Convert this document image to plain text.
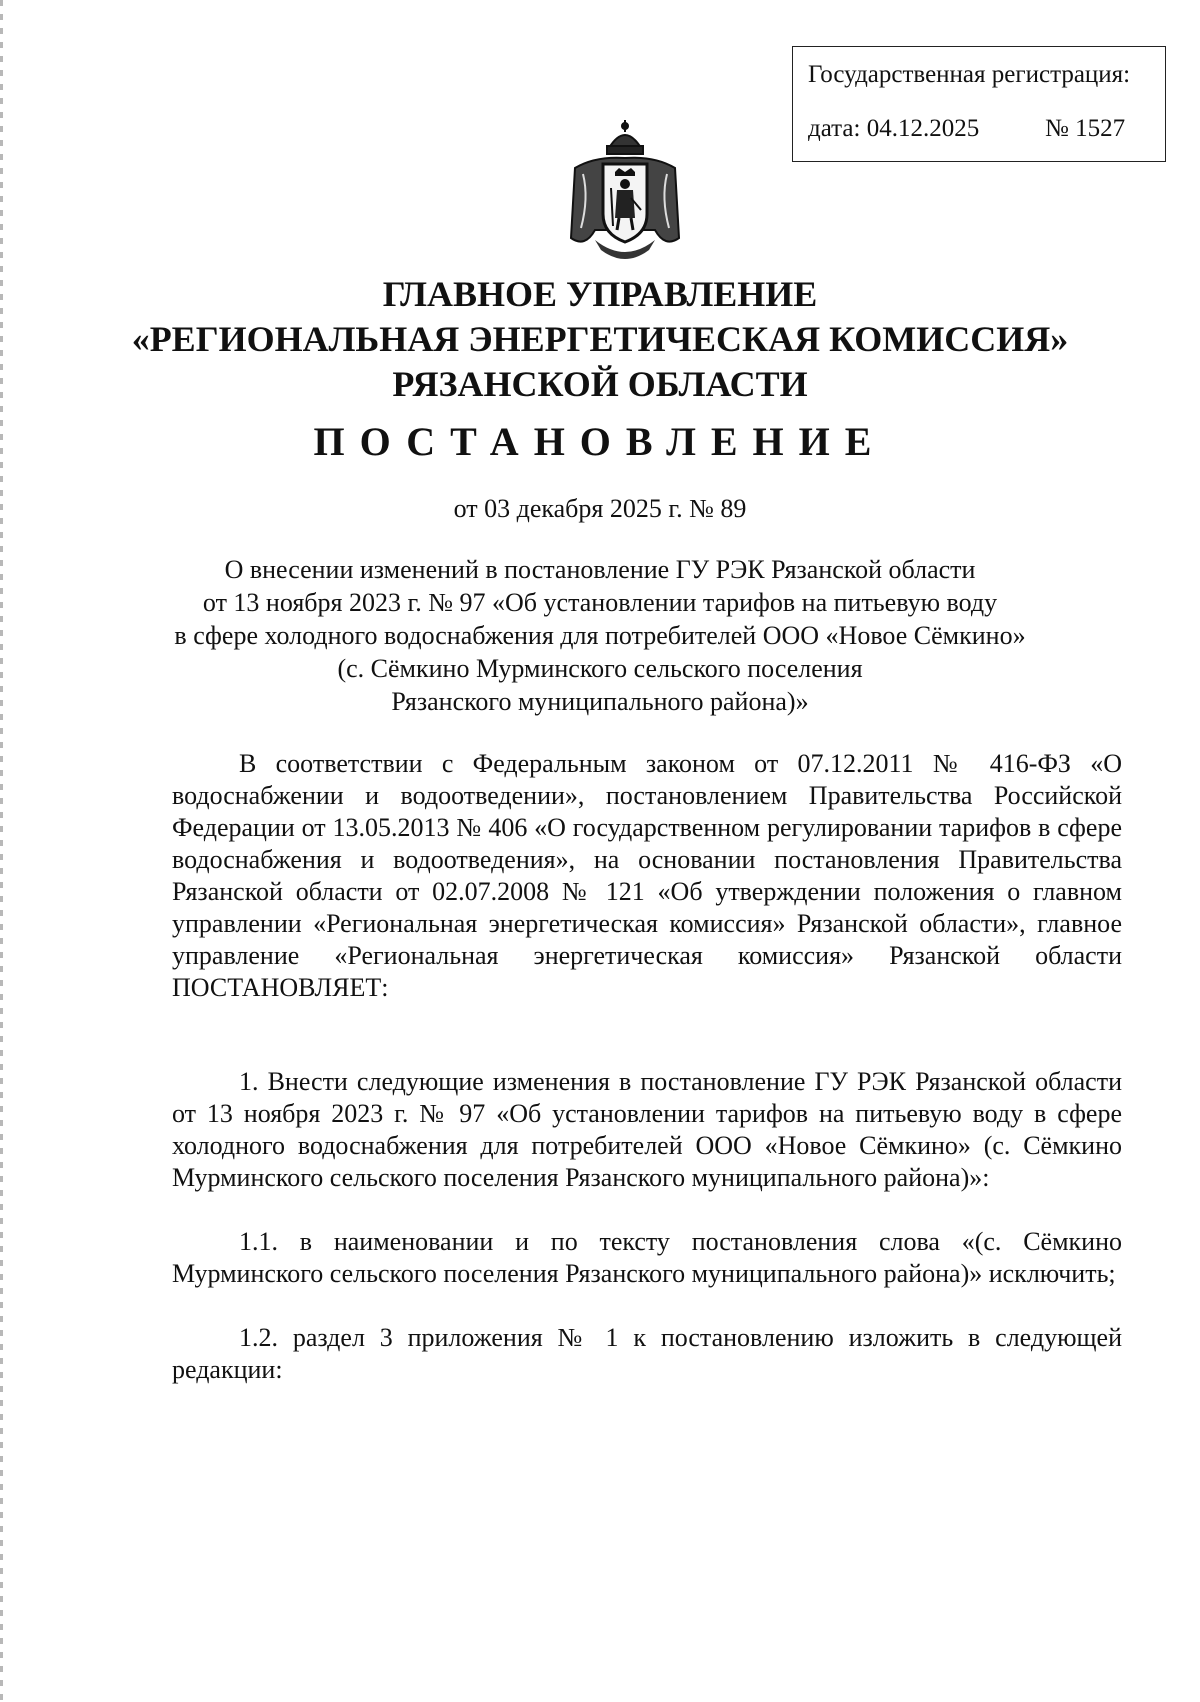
Государственная регистрация:
дата: 04.12.2025	№ 1527
ГЛАВНОЕ УПРАВЛЕНИЕ
«РЕГИОНАЛЬНАЯ ЭНЕРГЕТИЧЕСКАЯ КОМИССИЯ»
РЯЗАНСКОЙ ОБЛАСТИ
ПОСТАНОВЛЕНИЕ
от 03 декабря 2025 г. № 89
О внесении изменений в постановление ГУ РЭК Рязанской области
от 13 ноября 2023 г. № 97 «Об установлении тарифов на питьевую воду
в сфере холодного водоснабжения для потребителей ООО «Новое Сёмкино»
(с. Сёмкино Мурминского сельского поселения
Рязанского муниципального района)»
В соответствии с Федеральным законом от 07.12.2011 № 416-ФЗ «О водоснабжении и водоотведении», постановлением Правительства Российской Федерации от 13.05.2013 № 406 «О государственном регулировании тарифов в сфере водоснабжения и водоотведения», на основании постановления Правительства Рязанской области от 02.07.2008 № 121 «Об утверждении положения о главном управлении «Региональная энергетическая комиссия» Рязанской области», главное управление «Региональная энергетическая комиссия» Рязанской области ПОСТАНОВЛЯЕТ:
1. Внести следующие изменения в постановление ГУ РЭК Рязанской области от 13 ноября 2023 г. № 97 «Об установлении тарифов на питьевую воду в сфере холодного водоснабжения для потребителей ООО «Новое Сёмкино» (с. Сёмкино Мурминского сельского поселения Рязанского муниципального района)»:
1.1. в наименовании и по тексту постановления слова «(с. Сёмкино Мурминского сельского поселения Рязанского муниципального района)» исключить;
1.2. раздел 3 приложения № 1 к постановлению изложить в следующей редакции:
